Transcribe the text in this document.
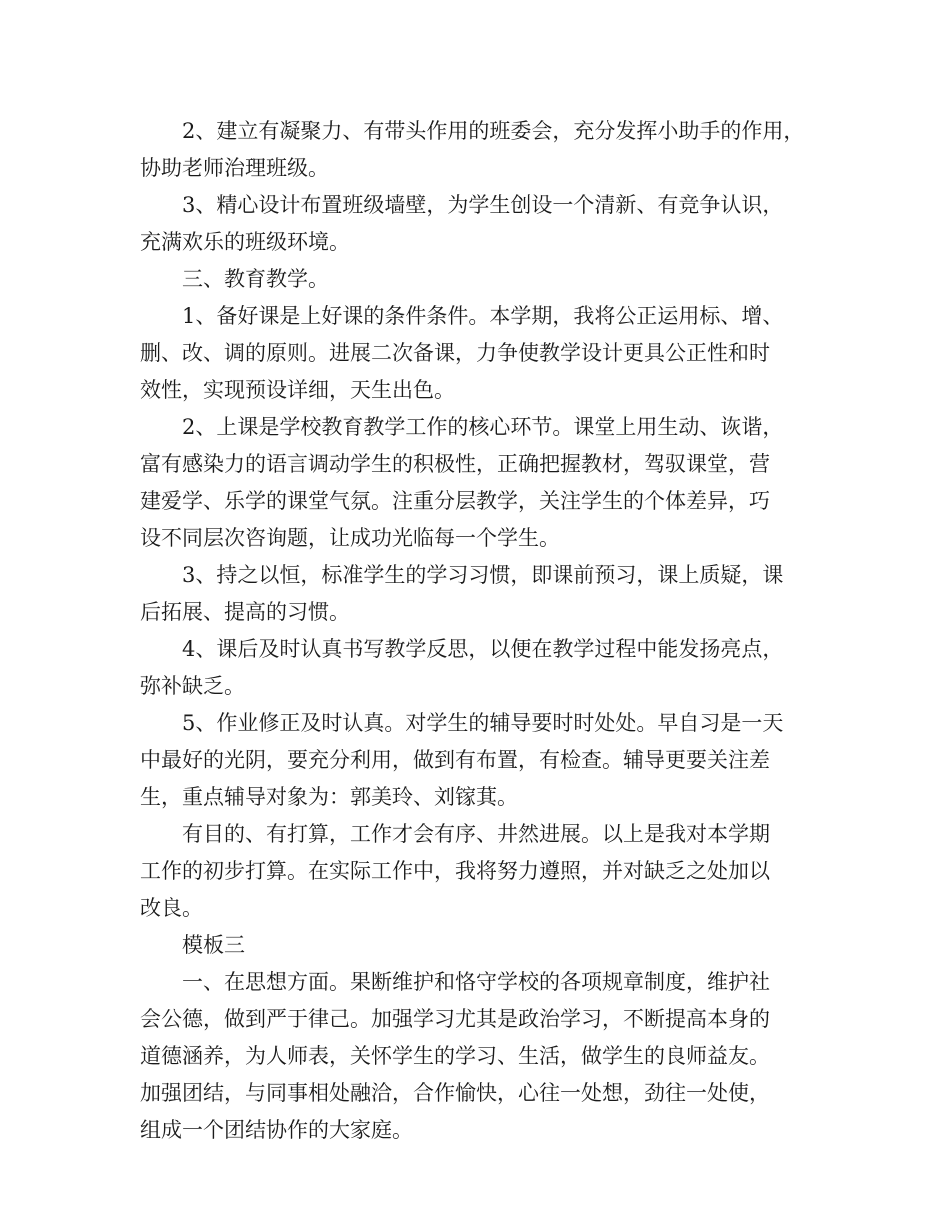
2、建立有凝聚力、有带头作用的班委会，充分发挥小助手的作用，
协助老师治理班级。

3、精心设计布置班级墙壁，为学生创设一个清新、有竞争认识，
充满欢乐的班级环境。

三、教育教学。

1、备好课是上好课的条件条件。本学期，我将公正运用标、增、
删、改、调的原则。进展二次备课，力争使教学设计更具公正性和时
效性，实现预设详细，天生出色。

2、上课是学校教育教学工作的核心环节。课堂上用生动、诙谐，
富有感染力的语言调动学生的积极性，正确把握教材，驾驭课堂，营
建爱学、乐学的课堂气氛。注重分层教学，关注学生的个体差异，巧
设不同层次咨询题，让成功光临每一个学生。

3、持之以恒，标准学生的学习习惯，即课前预习，课上质疑，课
后拓展、提高的习惯。

4、课后及时认真书写教学反思，以便在教学过程中能发扬亮点，
弥补缺乏。

5、作业修正及时认真。对学生的辅导要时时处处。早自习是一天
中最好的光阴，要充分利用，做到有布置，有检查。辅导更要关注差
生，重点辅导对象为：郭美玲、刘镓萁。

有目的、有打算，工作才会有序、井然进展。以上是我对本学期
工作的初步打算。在实际工作中，我将努力遵照，并对缺乏之处加以
改良。

模板三

一、在思想方面。果断维护和恪守学校的各项规章制度，维护社
会公德，做到严于律己。加强学习尤其是政治学习，不断提高本身的
道德涵养，为人师表，关怀学生的学习、生活，做学生的良师益友。
加强团结，与同事相处融洽，合作愉快，心往一处想，劲往一处使，
组成一个团结协作的大家庭。
